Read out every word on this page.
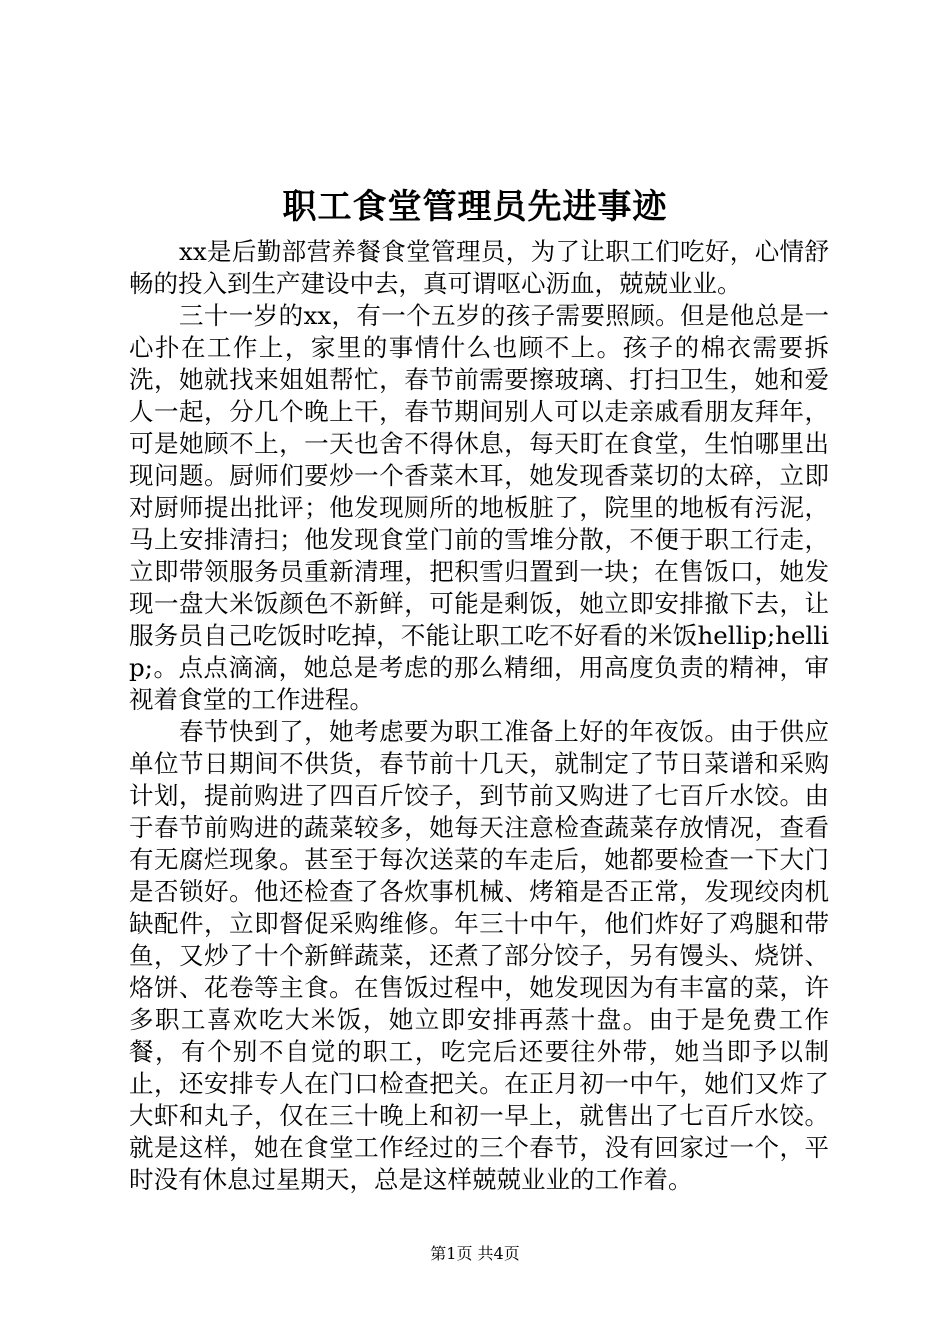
职工食堂管理员先进事迹

xx是后勤部营养餐食堂管理员，为了让职工们吃好，心情舒畅的投入到生产建设中去，真可谓呕心沥血，兢兢业业。

三十一岁的xx，有一个五岁的孩子需要照顾。但是他总是一心扑在工作上，家里的事情什么也顾不上。孩子的棉衣需要拆洗，她就找来姐姐帮忙，春节前需要擦玻璃、打扫卫生，她和爱人一起，分几个晚上干，春节期间别人可以走亲戚看朋友拜年，可是她顾不上，一天也舍不得休息，每天盯在食堂，生怕哪里出现问题。厨师们要炒一个香菜木耳，她发现香菜切的太碎，立即对厨师提出批评；他发现厕所的地板脏了，院里的地板有污泥，马上安排清扫；他发现食堂门前的雪堆分散，不便于职工行走，立即带领服务员重新清理，把积雪归置到一块；在售饭口，她发现一盘大米饭颜色不新鲜，可能是剩饭，她立即安排撤下去，让服务员自己吃饭时吃掉，不能让职工吃不好看的米饭hellip;hellip;。点点滴滴，她总是考虑的那么精细，用高度负责的精神，审视着食堂的工作进程。

春节快到了，她考虑要为职工准备上好的年夜饭。由于供应单位节日期间不供货，春节前十几天，就制定了节日菜谱和采购计划，提前购进了四百斤饺子，到节前又购进了七百斤水饺。由于春节前购进的蔬菜较多，她每天注意检查蔬菜存放情况，查看有无腐烂现象。甚至于每次送菜的车走后，她都要检查一下大门是否锁好。他还检查了各炊事机械、烤箱是否正常，发现绞肉机缺配件，立即督促采购维修。年三十中午，他们炸好了鸡腿和带鱼，又炒了十个新鲜蔬菜，还煮了部分饺子，另有馒头、烧饼、烙饼、花卷等主食。在售饭过程中，她发现因为有丰富的菜，许多职工喜欢吃大米饭，她立即安排再蒸十盘。由于是免费工作餐，有个别不自觉的职工，吃完后还要往外带，她当即予以制止，还安排专人在门口检查把关。在正月初一中午，她们又炸了大虾和丸子，仅在三十晚上和初一早上，就售出了七百斤水饺。就是这样，她在食堂工作经过的三个春节，没有回家过一个，平时没有休息过星期天，总是这样兢兢业业的工作着。

第1页 共4页
